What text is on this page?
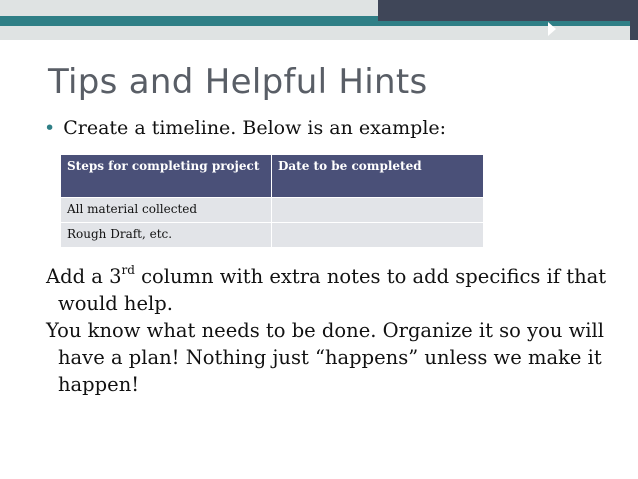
Tips and Helpful Hints
• Create a timeline. Below is an example:
Steps for completing project	Date to be completed
All material collected	
Rough Draft, etc.	

Add a 3rd column with extra notes to add specifics if that would help.

You know what needs to be done. Organize it so you will have a plan! Nothing just “happens” unless we make it happen!
